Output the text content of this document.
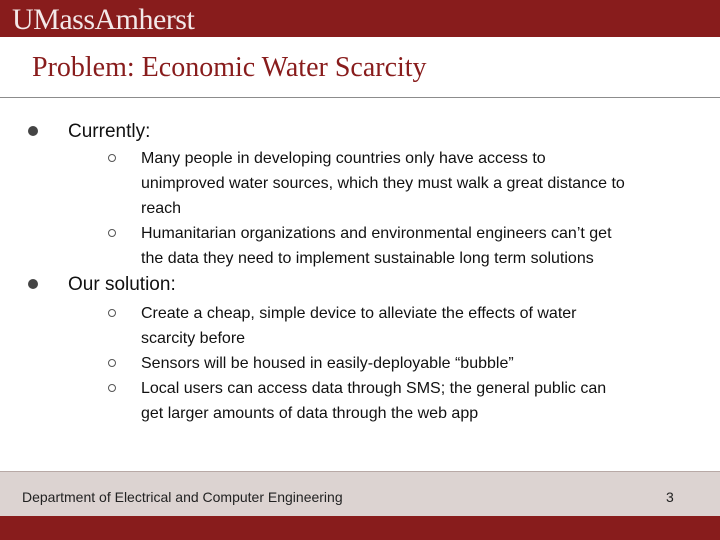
UMassAmherst
Problem: Economic Water Scarcity
Currently:
Many people in developing countries only have access to
unimproved water sources, which they must walk a great distance to
reach
Humanitarian organizations and environmental engineers can’t get
the data they need to implement sustainable long term solutions
Our solution:
Create a cheap, simple device to alleviate the effects of water
scarcity before
Sensors will be housed in easily-deployable “bubble”
Local users can access data through SMS; the general public can
get larger amounts of data through the web app
Department of Electrical and Computer Engineering	3
